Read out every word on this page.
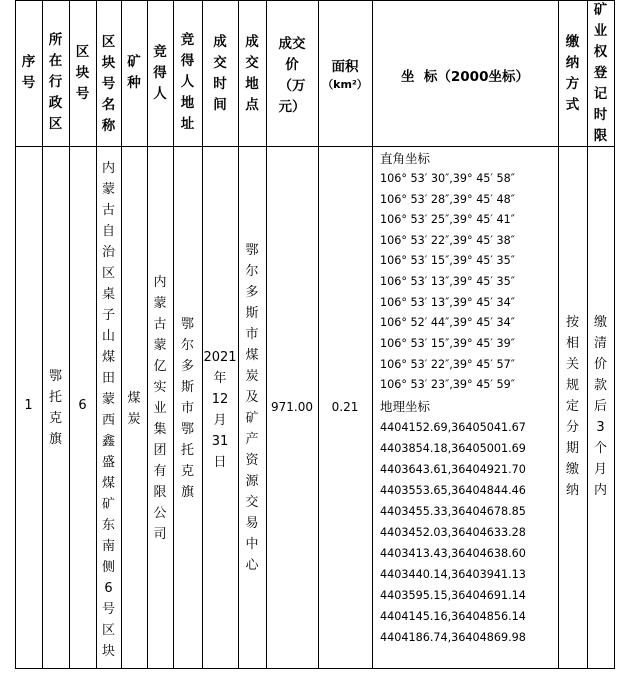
序
号
所
在
行
政
区
区
块
号
区
块
号
名
称
矿
种
竞
得
人
竞
得
人
地
址
成
交
时
间
成
交
地
点
成交
价
（万
元）
面积
（km²）	坐  标（2000坐标）
缴
纳
方
式
矿
业
权
登
记
时
限
1
鄂
托
克
旗
6
内
蒙
古
自
治
区
桌
子
山
煤
田
蒙
西
鑫
盛
煤
矿
东
南
侧
6
号
区
块
煤
炭
内
蒙
古
蒙
亿
实
业
集
团
有
限
公
司
鄂
尔
多
斯
市
鄂
托
克
旗
2021
年
12
月
31
日
鄂
尔
多
斯
市
煤
炭
及
矿
产
资
源
交
易
中
心
971.00	0.21
直角坐标
106° 53′ 30″,39° 45′ 58″
106° 53′ 28″,39° 45′ 48″
106° 53′ 25″,39° 45′ 41″
106° 53′ 22″,39° 45′ 38″
106° 53′ 15″,39° 45′ 35″
106° 53′ 13″,39° 45′ 35″
106° 53′ 13″,39° 45′ 34″
106° 52′ 44″,39° 45′ 34″
106° 53′ 15″,39° 45′ 39″
106° 53′ 22″,39° 45′ 57″
106° 53′ 23″,39° 45′ 59″
地理坐标
4404152.69,36405041.67
4403854.18,36405001.69
4403643.61,36404921.70
4403553.65,36404844.46
4403455.33,36404678.85
4403452.03,36404633.28
4403413.43,36404638.60
4403440.14,36403941.13
4403595.15,36404691.14
4404145.16,36404856.14
4404186.74,36404869.98
按
相
关
规
定
分
期
缴
纳
缴
清
价
款
后
3
个
月
内
